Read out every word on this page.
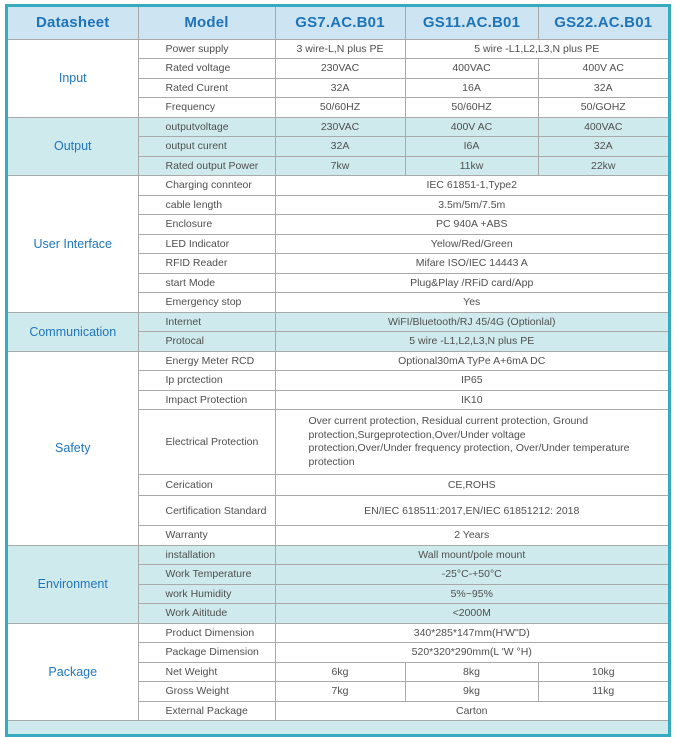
Datasheet	Model	GS7.AC.B01	GS11.AC.B01	GS22.AC.B01
Input	Power supply	3 wire-L,N plus PE	5 wire -L1,L2,L3,N plus PE	
	Rated voltage	230VAC	400VAC	400V AC
	Rated Curent	32A	16A	32A
	Frequency	50/60HZ	50/60HZ	50/GOHZ
Output	outputvoltage	230VAC	400V AC	400VAC
	output curent	32A	I6A	32A
	Rated output Power	7kw	11kw	22kw
User Interface	Charging connteor	IEC 61851-1,Type2		
	cable length	3.5m/5m/7.5m		
	Enclosure	PC 940A +ABS		
	LED Indicator	Yelow/Red/Green		
	RFID Reader	Mifare ISO/IEC 14443 A		
	start Mode	Plug&Play /RFiD card/App		
	Emergency stop	Yes		
Communication	Internet	WiFI/Bluetooth/RJ 45/4G (Optionlal)		
	Protocal	5 wire -L1,L2,L3,N plus PE		
Safety	Energy Meter RCD	Optional30mA TyPe A+6mA DC		
	Ip prctection	IP65		
	Impact Protection	IK10		
	Electrical Protection	Over current protection, Residual current protection, Ground protection,Surgeprotection,Over/Under voltage protection,Over/Under frequency protection, Over/Under temperature protection		
	Cerication	CE,ROHS		
	Certification Standard	EN/IEC 618511:2017,EN/IEC 61851212: 2018		
	Warranty	2 Years		
Environment	installation	Wall mount/pole mount		
	Work Temperature	-25°C-+50°C		
	work Humidity	5%~95%		
	Work Aititude	<2000M		
Package	Product Dimension	340*285*147mm(H'W"D)		
	Package Dimension	520*320*290mm(L 'W °H)		
	Net Weight	6kg	8kg	10kg
	Gross Weight	7kg	9kg	11kg
	External Package	Carton		
